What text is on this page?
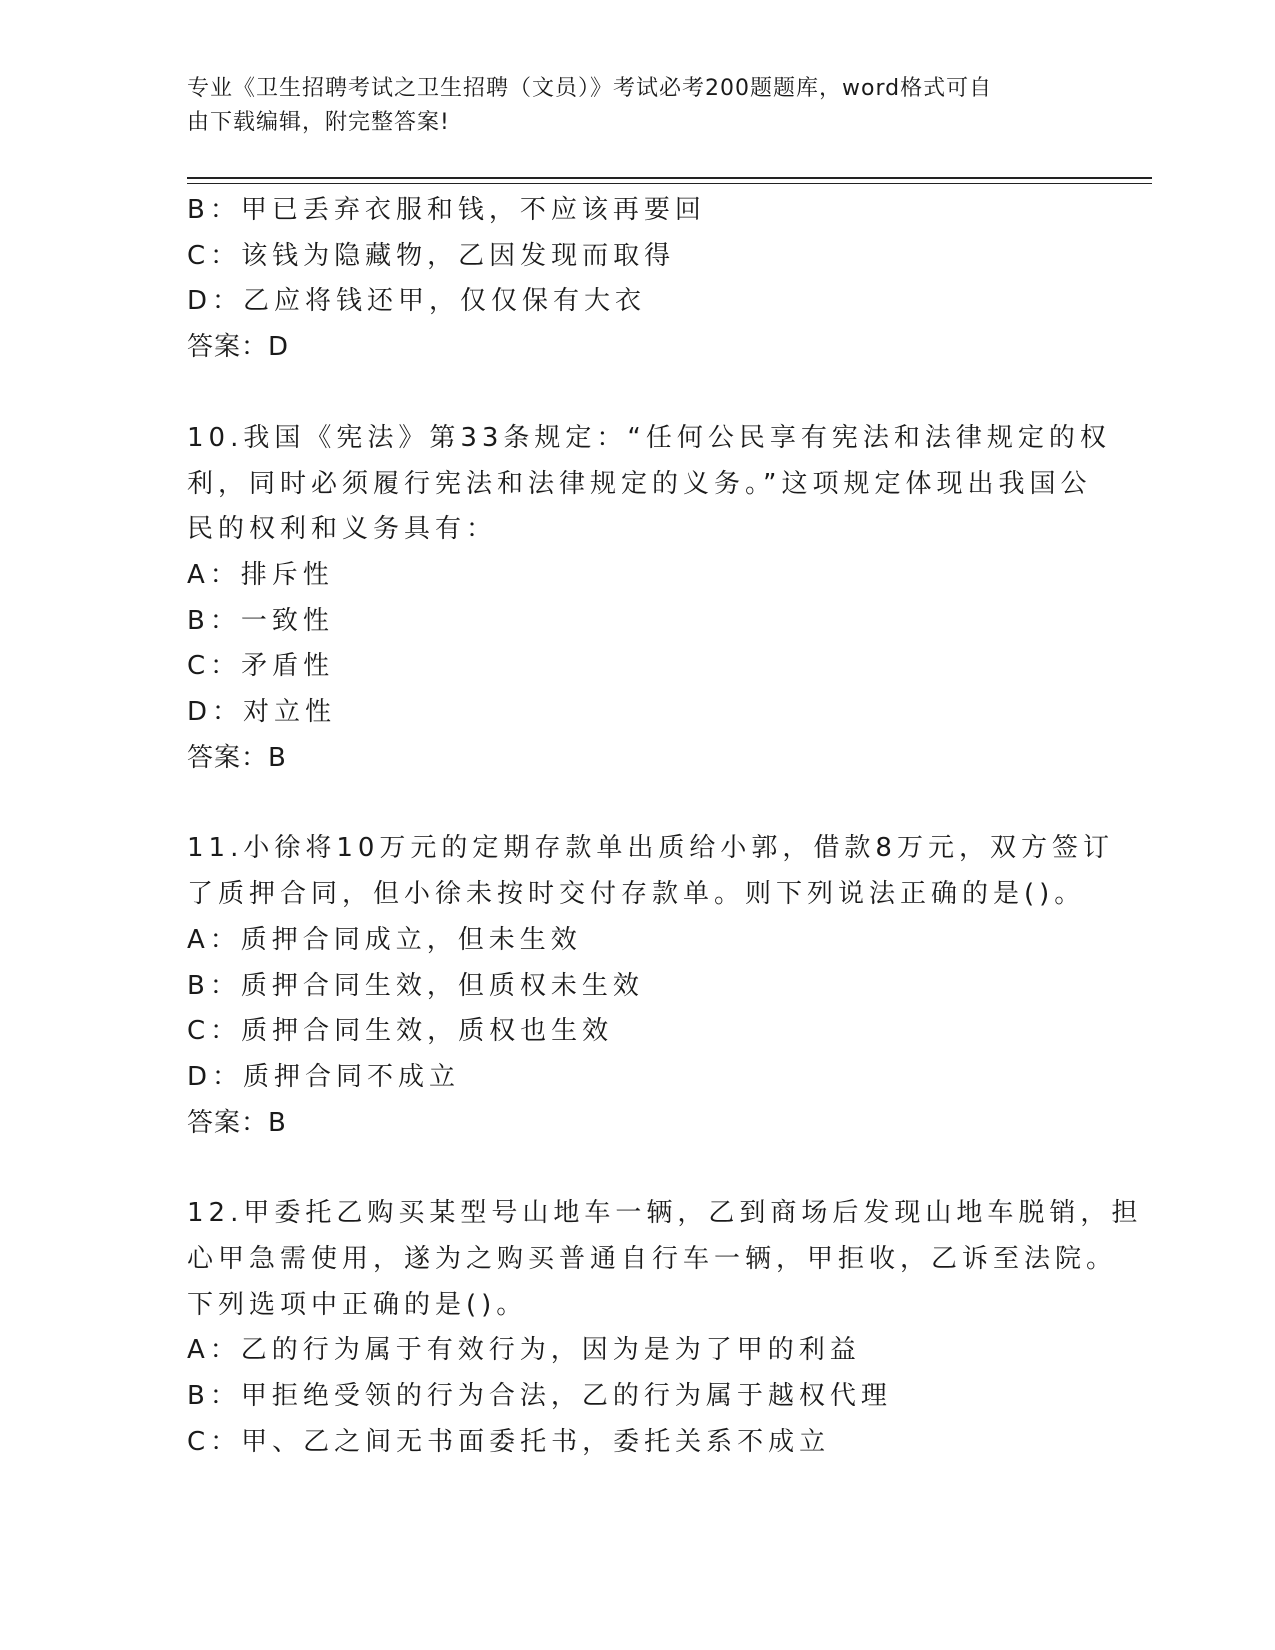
专业《卫生招聘考试之卫生招聘（文员）》考试必考200题题库，word格式可自
由下载编辑，附完整答案!
B：甲已丢弃衣服和钱，不应该再要回
C：该钱为隐藏物，乙因发现而取得
D：乙应将钱还甲，仅仅保有大衣
答案：D
10.我国《宪法》第33条规定：“任何公民享有宪法和法律规定的权
利，同时必须履行宪法和法律规定的义务。”这项规定体现出我国公
民的权利和义务具有：
A：排斥性
B：一致性
C：矛盾性
D：对立性
答案：B
11.小徐将10万元的定期存款单出质给小郭，借款8万元，双方签订
了质押合同，但小徐未按时交付存款单。则下列说法正确的是()。
A：质押合同成立，但未生效
B：质押合同生效，但质权未生效
C：质押合同生效，质权也生效
D：质押合同不成立
答案：B
12.甲委托乙购买某型号山地车一辆，乙到商场后发现山地车脱销，担
心甲急需使用，遂为之购买普通自行车一辆，甲拒收，乙诉至法院。
下列选项中正确的是()。
A：乙的行为属于有效行为，因为是为了甲的利益
B：甲拒绝受领的行为合法，乙的行为属于越权代理
C：甲、乙之间无书面委托书，委托关系不成立
